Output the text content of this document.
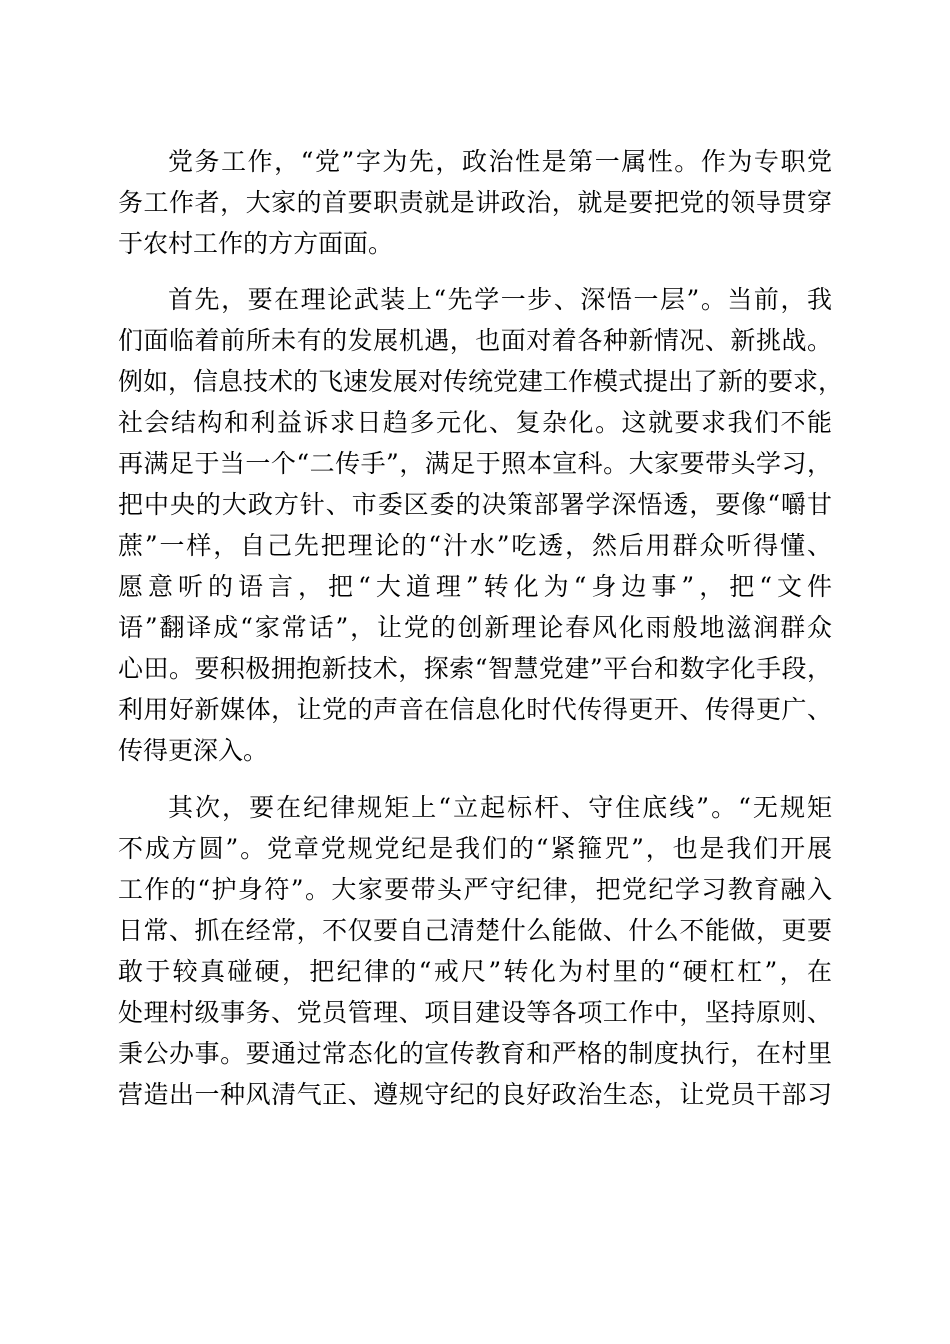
党务工作，“党”字为先，政治性是第一属性。作为专职党
务工作者，大家的首要职责就是讲政治，就是要把党的领导贯穿
于农村工作的方方面面。
首先，要在理论武装上“先学一步、深悟一层”。当前，我
们面临着前所未有的发展机遇，也面对着各种新情况、新挑战。
例如，信息技术的飞速发展对传统党建工作模式提出了新的要求，
社会结构和利益诉求日趋多元化、复杂化。这就要求我们不能
再满足于当一个“二传手”，满足于照本宣科。大家要带头学习，
把中央的大政方针、市委区委的决策部署学深悟透，要像“嚼甘
蔗”一样，自己先把理论的“汁水”吃透，然后用群众听得懂、
愿意听的语言，把“大道理”转化为“身边事”，把“文件
语”翻译成“家常话”，让党的创新理论春风化雨般地滋润群众
心田。要积极拥抱新技术，探索“智慧党建”平台和数字化手段，
利用好新媒体，让党的声音在信息化时代传得更开、传得更广、
传得更深入。
其次，要在纪律规矩上“立起标杆、守住底线”。“无规矩
不成方圆”。党章党规党纪是我们的“紧箍咒”，也是我们开展
工作的“护身符”。大家要带头严守纪律，把党纪学习教育融入
日常、抓在经常，不仅要自己清楚什么能做、什么不能做，更要
敢于较真碰硬，把纪律的“戒尺”转化为村里的“硬杠杠”，在
处理村级事务、党员管理、项目建设等各项工作中，坚持原则、
秉公办事。要通过常态化的宣传教育和严格的制度执行，在村里
营造出一种风清气正、遵规守纪的良好政治生态，让党员干部习
